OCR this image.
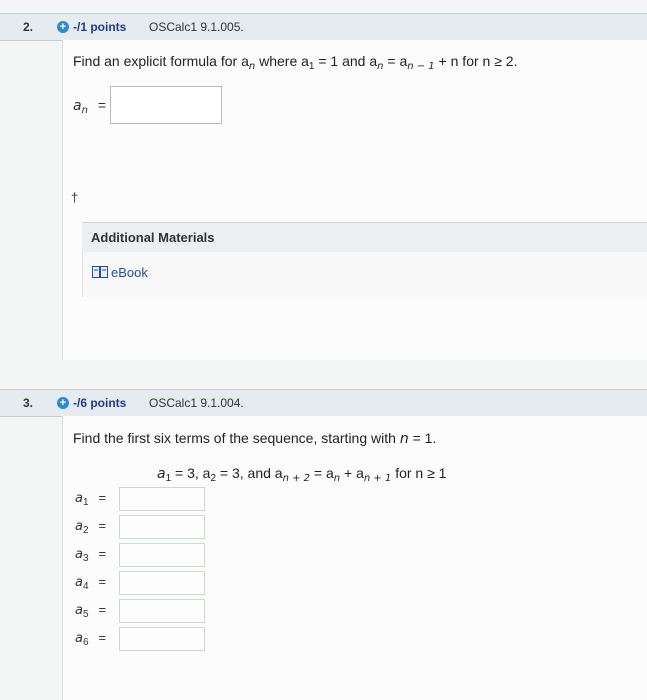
2. + -/1 points OSCalc1 9.1.005.
Find an explicit formula for $a_n$ where $a_1 = 1$ and $a_n = a_{n - 1} + n$ for n ≥ 2.
$a_n$ =
†
Additional Materials
eBook
3. + -/6 points OSCalc1 9.1.004.
Find the first six terms of the sequence, starting with n = 1.
$a_1 = 3$, $a_2 = 3$, and $a_{n + 2} = a_n + a_{n + 1}$ for n ≥ 1
$a_1$ =
$a_2$ =
$a_3$ =
$a_4$ =
$a_5$ =
$a_6$ =
